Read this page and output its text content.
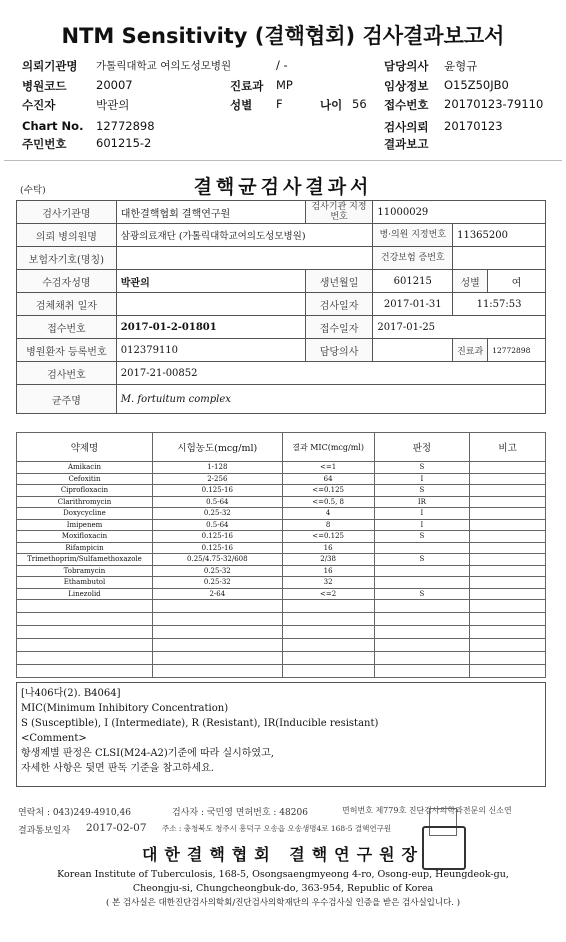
NTM Sensitivity (결핵협회) 검사결과보고서
의뢰기관명 가톨릭대학교 여의도성모병원	/ -	담당의사 윤형규
병원코드	20007	진료과 MP	임상정보 O15Z50JB0
수진자	박관의	성별 F	나이 56 접수번호 20170123-79110
Chart No. 12772898	검사의뢰 20170123
주민번호	601215-2	결과보고
(수탁)	결핵균검사결과서
검사기관명	대한결핵협회 결핵연구원	검사기관 지정번호	11000029		
의뢰 병의원명	삼광의료재단 (가톨릭대학교여의도성모병원)		병·의원 지정번호	11365200	
보험자기호(명칭)			건강보험 증번호		
수검자성명	박관의	생년월일	601215	성별	여
검체채취 일자		검사일자	2017-01-31	11:57:53	
접수번호	2017-01-2-01801	접수일자	2017-01-25		
병원환자 등록번호	012379110	담당의사		진료과	12772898
검사번호	2017-21-00852				
균주명	M. fortuitum complex				
약제명	시험농도(mcg/ml)	결과 MIC(mcg/ml)	판정	비고
Amikacin	1-128	<=1	S	
Cefoxitin	2-256	64	I	
Ciprofloxacin	0.125-16	<=0.125	S	
Clarithromycin	0.5-64	<=0.5, 8	IR	
Doxycycline	0.25-32	4	I	
Imipenem	0.5-64	8	I	
Moxifloxacin	0.125-16	<=0.125	S	
Rifampicin	0.125-16	16		
Trimethoprim/Sulfamethoxazole	0.25/4.75-32/608	2/38	S	
Tobramycin	0.25-32	16		
Ethambutol	0.25-32	32		
Linezolid	2-64	<=2	S	

[나406다(2). B4064]
MIC(Minimum Inhibitory Concentration)
S (Susceptible), I (Intermediate), R (Resistant), IR(Inducible resistant)
<Comment>
항생제별 판정은 CLSI(M24-A2)기준에 따라 실시하였고,
자세한 사항은 뒷면 판독 기준을 참고하세요.
연락처 : 043)249-4910,46	검사자 : 국민영 면허번호 : 48206	면허번호 제779호 진단검사의학과전문의 신소연
결과통보일자 2017-02-07 주소 : 충청북도 청주시 흥덕구 오송읍 오송생명4로 168-5 결핵연구원
대한결핵협회 결핵연구원장
Korean Institute of Tuberculosis, 168-5, Osongsaengmyeong 4-ro, Osong-eup, Heungdeok-gu,
Cheongju-si, Chungcheongbuk-do, 363-954, Republic of Korea
( 본 검사실은 대한진단검사의학회/진단검사의학재단의 우수검사실 인증을 받은 검사실입니다. )
